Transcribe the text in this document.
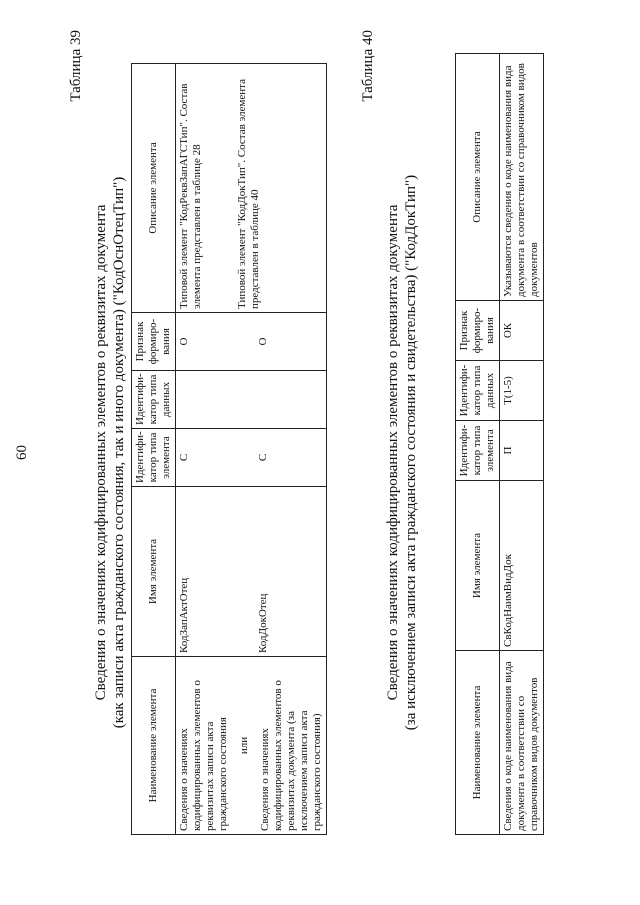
60
Таблица 39
Сведения о значениях кодифицированных элементов о реквизитах документа (как записи акта гражданского состояния, так и иного документа) ("КодОснОтецТип")
Наименование элемента	Имя элемента	Идентифи-катор типа элемента	Идентифи-катор типа данных	Признак формиро-вания	Описание элемента
Сведения о значениях кодифицированных элементов о реквизитах записи акта гражданского состояния или Сведения о значениях кодифицированных элементов о реквизитах документа (за исключением записи акта гражданского состояния)	КодЗапАктОтец КодДокОтец	С С		О О	Типовой элемент "КодРеквЗапАГСТип". Состав элемента представлен в таблице 28 Типовой элемент "КодДокТип". Состав элемента представлен в таблице 40
Таблица 40
Сведения о значениях кодифицированных элементов о реквизитах документа (за исключением записи акта гражданского состояния и свидетельства) ("КодДокТип")
Наименование элемента	Имя элемента	Идентифи-катор типа элемента	Идентифи-катор типа данных	Признак формиро-вания	Описание элемента
Сведения о коде наименования вида документа в соответствии со справочником видов документов	СвКодНаимВидДок	П	T(1-5)	ОК	Указываются сведения о коде наименования вида документа в соответствии со справочником видов документов
